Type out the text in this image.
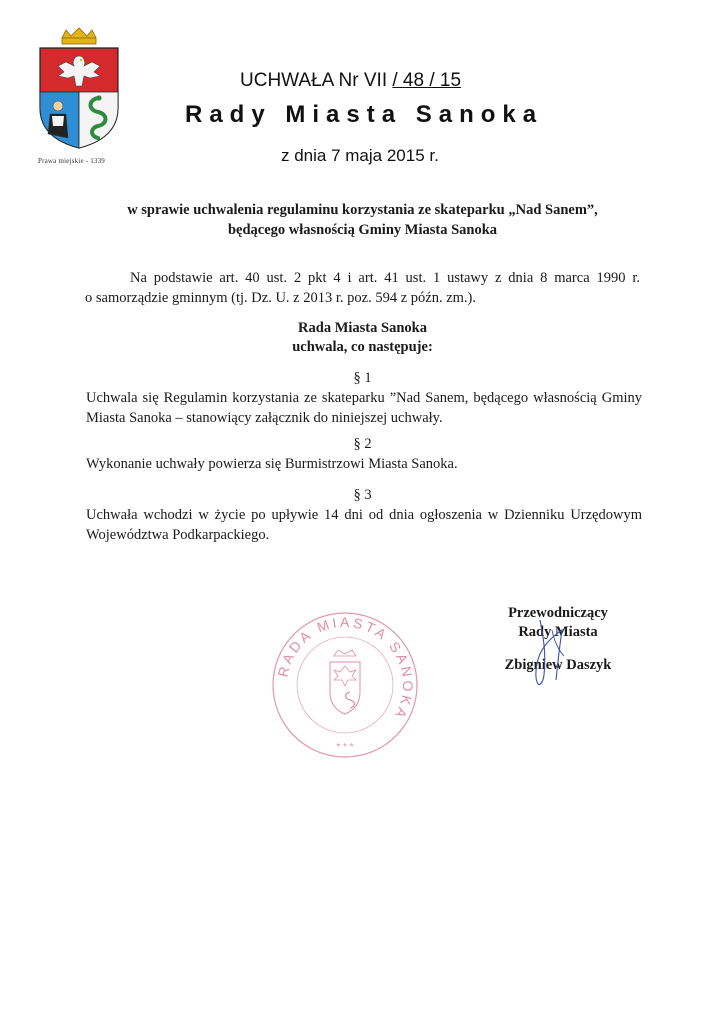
Prawa miejskie - 1339
UCHWAŁA Nr VII / 48 / 15
Rady Miasta Sanoka
z dnia 7 maja 2015 r.
w sprawie uchwalenia regulaminu korzystania ze skateparku „Nad Sanem”,
będącego własnością Gminy Miasta Sanoka
Na podstawie art. 40 ust. 2 pkt 4 i art. 41 ust. 1 ustawy z dnia 8 marca 1990 r.
o samorządzie gminnym (tj. Dz. U. z 2013 r. poz. 594 z późn. zm.).
Rada Miasta Sanoka
uchwala, co następuje:
§ 1
Uchwala się Regulamin korzystania ze skateparku ”Nad Sanem, będącego własnością Gminy
Miasta Sanoka – stanowiący załącznik do niniejszej uchwały.
§ 2
Wykonanie uchwały powierza się Burmistrzowi Miasta Sanoka.
§ 3
Uchwała wchodzi w życie po upływie 14 dni od dnia ogłoszenia w Dzienniku Urzędowym
Województwa Podkarpackiego.
Przewodniczący
Rady Miasta
Zbigniew Daszyk
RADA MIASTA SANOKA
* * *
